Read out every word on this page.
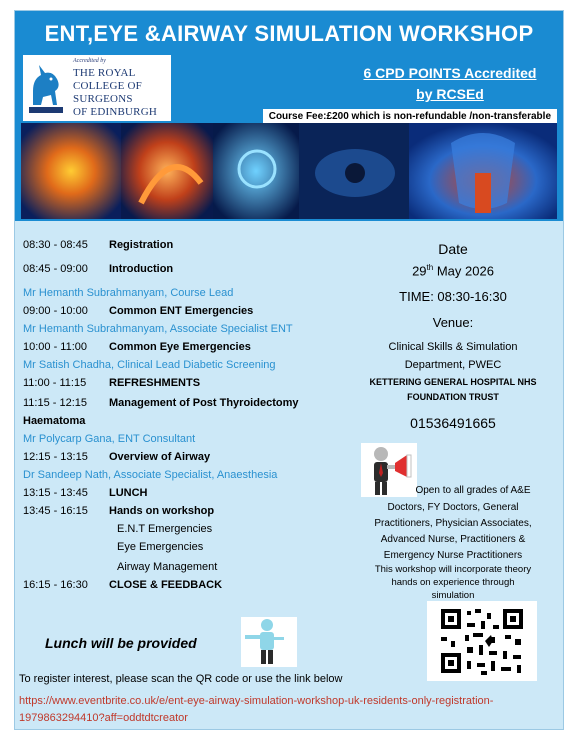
ENT,EYE &AIRWAY SIMULATION WORKSHOP
Accredited by
THE ROYAL
COLLEGE OF
SURGEONS
OF EDINBURGH
6 CPD POINTS Accredited
by RCSEd
Course Fee:£200 which is non-refundable /non-transferable
08:30 - 08:45 Registration
08:45 - 09:00 Introduction
Mr Hemanth Subrahmanyam, Course Lead
09:00 - 10:00 Common ENT Emergencies
Mr Hemanth Subrahmanyam, Associate Specialist ENT
10:00 - 11:00 Common Eye Emergencies
Mr Satish Chadha, Clinical Lead Diabetic Screening
11:00 - 11:15 REFRESHMENTS
11:15 - 12:15 Management of Post Thyroidectomy
Haematoma
Mr Polycarp Gana, ENT Consultant
12:15 - 13:15 Overview of Airway
Dr Sandeep Nath, Associate Specialist, Anaesthesia
13:15 - 13:45 LUNCH
13:45 - 16:15 Hands on workshop
E.N.T Emergencies
Eye Emergencies
Airway Management
16:15 - 16:30 CLOSE & FEEDBACK
Date
29th May 2026
TIME: 08:30-16:30
Venue:
Clinical Skills & Simulation
Department, PWEC
KETTERING GENERAL HOSPITAL NHS
FOUNDATION TRUST
01536491665
Open to all grades of A&E
Doctors, FY Doctors, General
Practitioners, Physician Associates,
Advanced Nurse, Practitioners &
Emergency Nurse Practitioners
This workshop will incorporate theory
hands on experience through
simulation
Lunch will be provided
To register interest, please scan the QR code or use the link below
https://www.eventbrite.co.uk/e/ent-eye-airway-simulation-workshop-uk-residents-only-registration-
1979863294410?aff=oddtdtcreator
